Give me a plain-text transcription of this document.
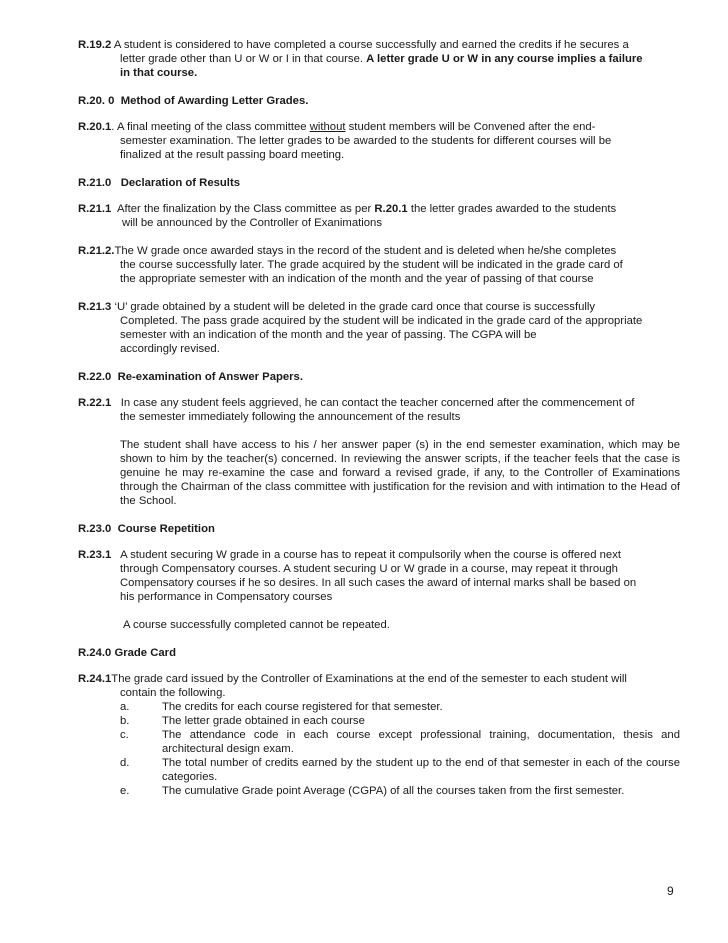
R.19.2 A student is considered to have completed a course successfully and earned the credits if he secures a
letter grade other than U or W or I in that course. A letter grade U or W in any course implies a failure
in that course.
R.20. 0 Method of Awarding Letter Grades.
R.20.1. A final meeting of the class committee without student members will be Convened after the end-
semester examination. The letter grades to be awarded to the students for different courses will be
finalized at the result passing board meeting.
R.21.0 Declaration of Results
R.21.1 After the finalization by the Class committee as per R.20.1 the letter grades awarded to the students
will be announced by the Controller of Exanimations
R.21.2.The W grade once awarded stays in the record of the student and is deleted when he/she completes
the course successfully later. The grade acquired by the student will be indicated in the grade card of
the appropriate semester with an indication of the month and the year of passing of that course
R.21.3 ‘U’ grade obtained by a student will be deleted in the grade card once that course is successfully
Completed. The pass grade acquired by the student will be indicated in the grade card of the appropriate
semester with an indication of the month and the year of passing. The CGPA will be
accordingly revised.
R.22.0 Re-examination of Answer Papers.
R.22.1 In case any student feels aggrieved, he can contact the teacher concerned after the commencement of
the semester immediately following the announcement of the results
The student shall have access to his / her answer paper (s) in the end semester examination, which may be shown to him by the teacher(s) concerned. In reviewing the answer scripts, if the teacher feels that the case is genuine he may re-examine the case and forward a revised grade, if any, to the Controller of Examinations through the Chairman of the class committee with justification for the revision and with intimation to the Head of the School.
R.23.0 Course Repetition
R.23.1 A student securing W grade in a course has to repeat it compulsorily when the course is offered next
through Compensatory courses. A student securing U or W grade in a course, may repeat it through
Compensatory courses if he so desires. In all such cases the award of internal marks shall be based on
his performance in Compensatory courses
A course successfully completed cannot be repeated.
R.24.0 Grade Card
R.24.1The grade card issued by the Controller of Examinations at the end of the semester to each student will
contain the following.
a.	The credits for each course registered for that semester.
b.	The letter grade obtained in each course
c.	The attendance code in each course except professional training, documentation, thesis and architectural design exam.
d.	The total number of credits earned by the student up to the end of that semester in each of the course categories.
e.	The cumulative Grade point Average (CGPA) of all the courses taken from the first semester.
9
